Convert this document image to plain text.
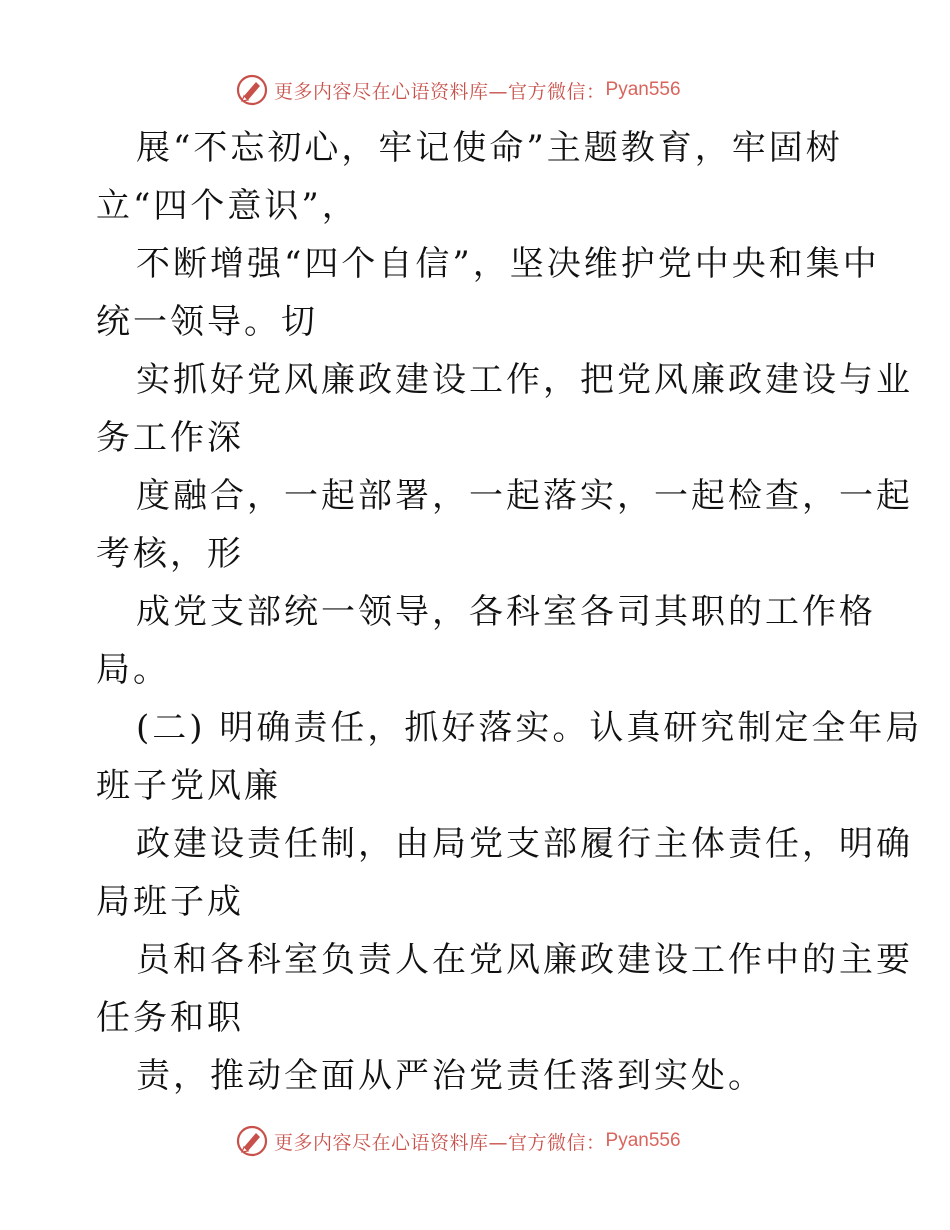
更多内容尽在心语资料库—官方微信： Pyan556
展“不忘初心，牢记使命”主题教育，牢固树
立“四个意识”，
不断增强“四个自信”，坚决维护党中央和集中
统一领导。切
实抓好党风廉政建设工作，把党风廉政建设与业
务工作深
度融合，一起部署，一起落实，一起检查，一起
考核，形
成党支部统一领导，各科室各司其职的工作格
局。
(二) 明确责任，抓好落实。认真研究制定全年局
班子党风廉
政建设责任制，由局党支部履行主体责任，明确
局班子成
员和各科室负责人在党风廉政建设工作中的主要
任务和职
责，推动全面从严治党责任落到实处。
更多内容尽在心语资料库—官方微信： Pyan556
